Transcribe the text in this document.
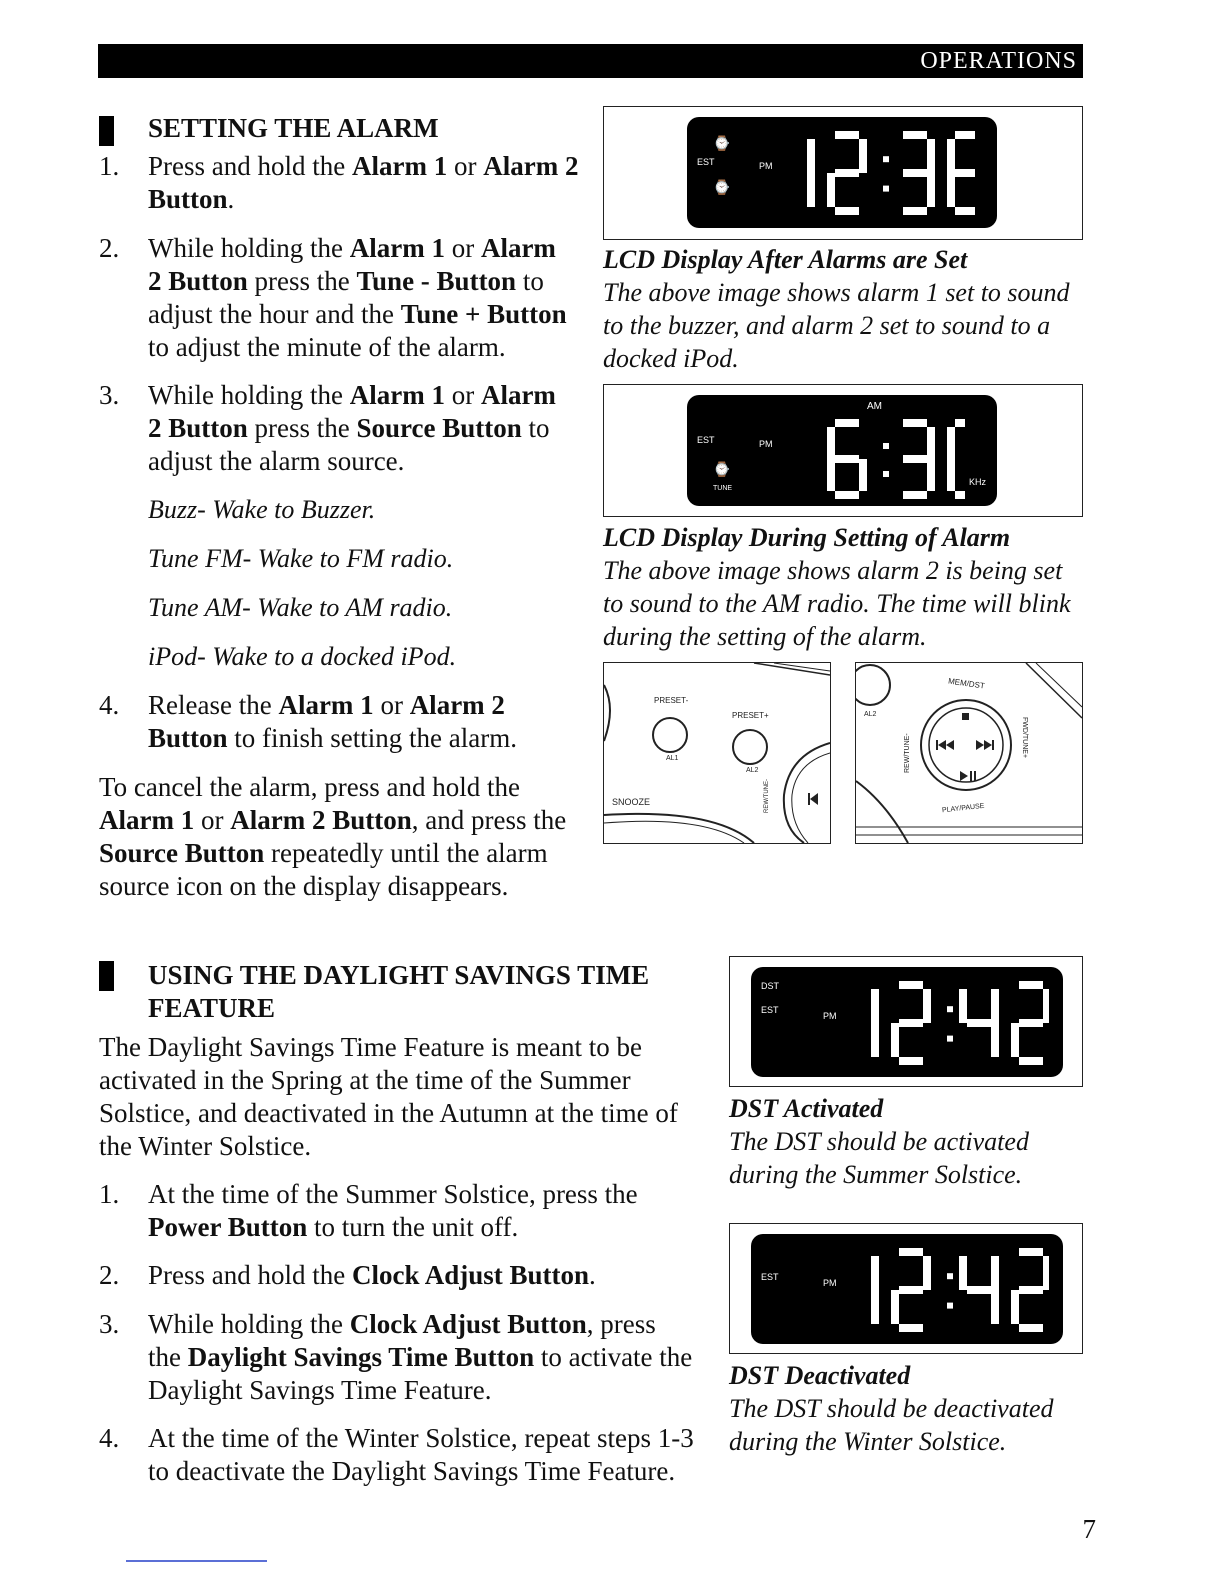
OPERATIONS
SETTING THE ALARM
1. Press and hold the Alarm 1 or Alarm 2
Button.
2. While holding the Alarm 1 or Alarm
2 Button press the Tune - Button to
adjust the hour and the Tune + Button
to adjust the minute of the alarm.
3. While holding the Alarm 1 or Alarm
2 Button press the Source Button to
adjust the alarm source.
Buzz- Wake to Buzzer.
Tune FM- Wake to FM radio.
Tune AM- Wake to AM radio.
iPod- Wake to a docked iPod.
4. Release the Alarm 1 or Alarm 2
Button to finish setting the alarm.
To cancel the alarm, press and hold the
Alarm 1 or Alarm 2 Button, and press the
Source Button repeatedly until the alarm
source icon on the display disappears.
EST
⌚
⌚
PM
LCD Display After Alarms are Set
The above image shows alarm 1 set to sound
to the buzzer, and alarm 2 set to sound to a
docked iPod.
AM
EST	PM
⌚
TUNE
KHz
LCD Display During Setting of Alarm
The above image shows alarm 2 is being set
to sound to the AM radio. The time will blink
during the setting of the alarm.
PRESET-
PRESET+
AL1
AL2
SNOOZE	REW/TUNE-
MEM/DST
AL2
REW/TUNE-	FWD/TUNE+
PLAY/PAUSE
USING THE DAYLIGHT SAVINGS TIME
FEATURE
The Daylight Savings Time Feature is meant to be
activated in the Spring at the time of the Summer
Solstice, and deactivated in the Autumn at the time of
the Winter Solstice.
1. At the time of the Summer Solstice, press the
Power Button to turn the unit off.
2. Press and hold the Clock Adjust Button.
3. While holding the Clock Adjust Button, press
the Daylight Savings Time Button to activate the
Daylight Savings Time Feature.
4. At the time of the Winter Solstice, repeat steps 1-3
to deactivate the Daylight Savings Time Feature.
DST
EST
PM
DST Activated
The DST should be activated
during the Summer Solstice.
EST
PM
DST Deactivated
The DST should be deactivated
during the Winter Solstice.
7
